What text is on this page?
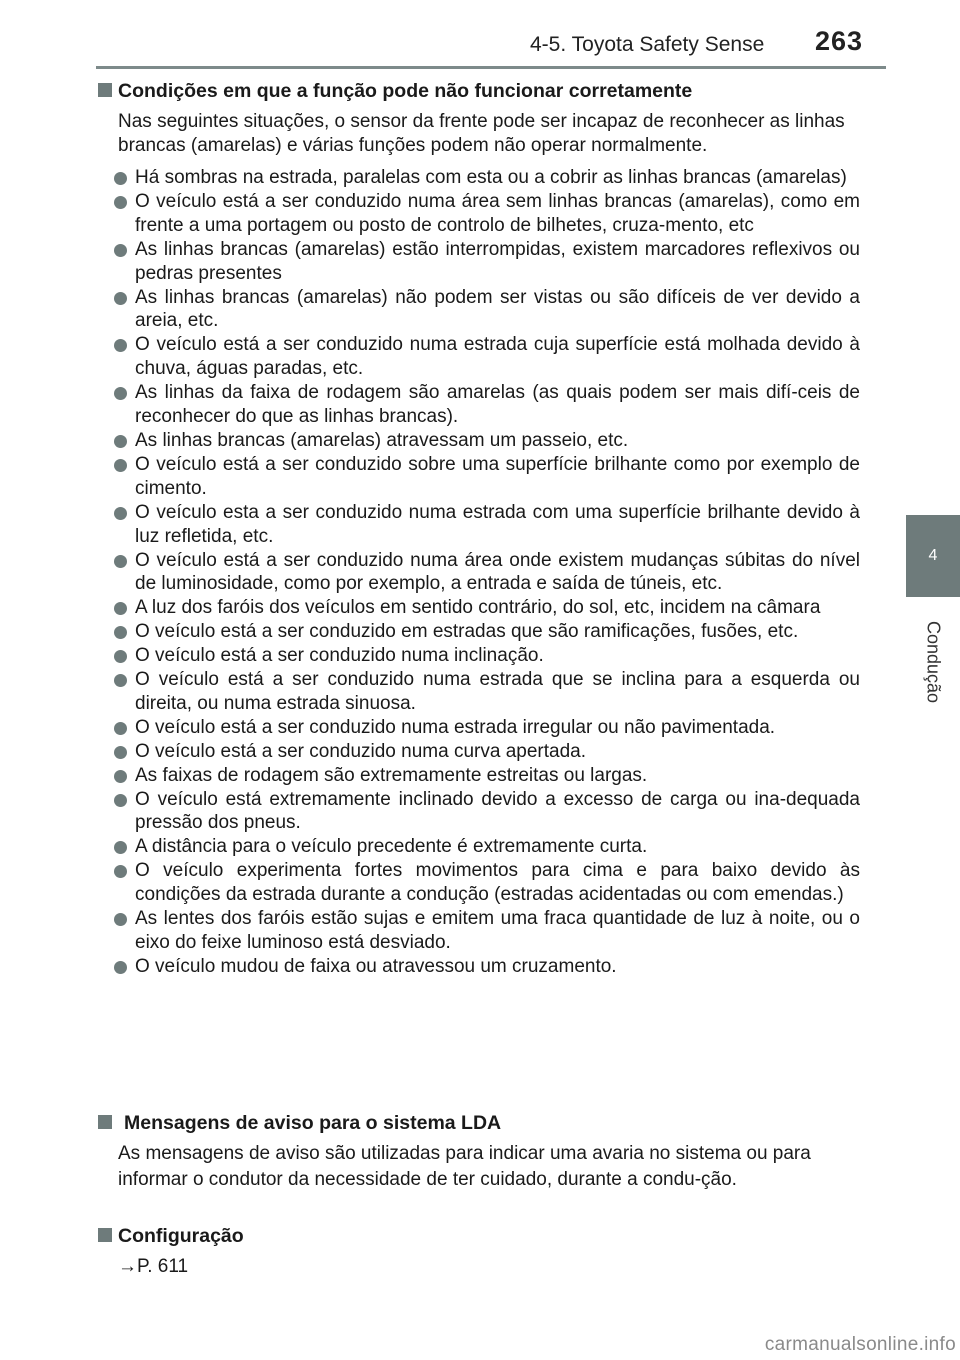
4-5. Toyota Safety Sense 263
4
Condução
Condições em que a função pode não funcionar corretamente
Nas seguintes situações, o sensor da frente pode ser incapaz de reconhecer as linhas brancas (amarelas) e várias funções podem não operar normalmente.
Há sombras na estrada, paralelas com esta ou a cobrir as linhas brancas (amarelas)
O veículo está a ser conduzido numa área sem linhas brancas (amarelas), como em frente a uma portagem ou posto de controlo de bilhetes, cruza-mento, etc
As linhas brancas (amarelas) estão interrompidas, existem marcadores reflexivos ou pedras presentes
As linhas brancas (amarelas) não podem ser vistas ou são difíceis de ver devido a areia, etc.
O veículo está a ser conduzido numa estrada cuja superfície está molhada devido à chuva, águas paradas, etc.
As linhas da faixa de rodagem são amarelas (as quais podem ser mais difí-ceis de reconhecer do que as linhas brancas).
As linhas brancas (amarelas) atravessam um passeio, etc.
O veículo está a ser conduzido sobre uma superfície brilhante como por exemplo de cimento.
O veículo esta a ser conduzido numa estrada com uma superfície brilhante devido à luz refletida, etc.
O veículo está a ser conduzido numa área onde existem mudanças súbitas do nível de luminosidade, como por exemplo, a entrada e saída de túneis, etc.
A luz dos faróis dos veículos em sentido contrário, do sol, etc, incidem na câmara
O veículo está a ser conduzido em estradas que são ramificações, fusões, etc.
O veículo está a ser conduzido numa inclinação.
O veículo está a ser conduzido numa estrada que se inclina para a esquerda ou direita, ou numa estrada sinuosa.
O veículo está a ser conduzido numa estrada irregular ou não pavimentada.
O veículo está a ser conduzido numa curva apertada.
As faixas de rodagem são extremamente estreitas ou largas.
O veículo está extremamente inclinado devido a excesso de carga ou ina-dequada pressão dos pneus.
A distância para o veículo precedente é extremamente curta.
O veículo experimenta fortes movimentos para cima e para baixo devido às condições da estrada durante a condução (estradas acidentadas ou com emendas.)
As lentes dos faróis estão sujas e emitem uma fraca quantidade de luz à noite, ou o eixo do feixe luminoso está desviado.
O veículo mudou de faixa ou atravessou um cruzamento.
Mensagens de aviso para o sistema LDA
As mensagens de aviso são utilizadas para indicar uma avaria no sistema ou para informar o condutor da necessidade de ter cuidado, durante a condu-ção.
Configuração
→P. 611
carmanualsonline.info
